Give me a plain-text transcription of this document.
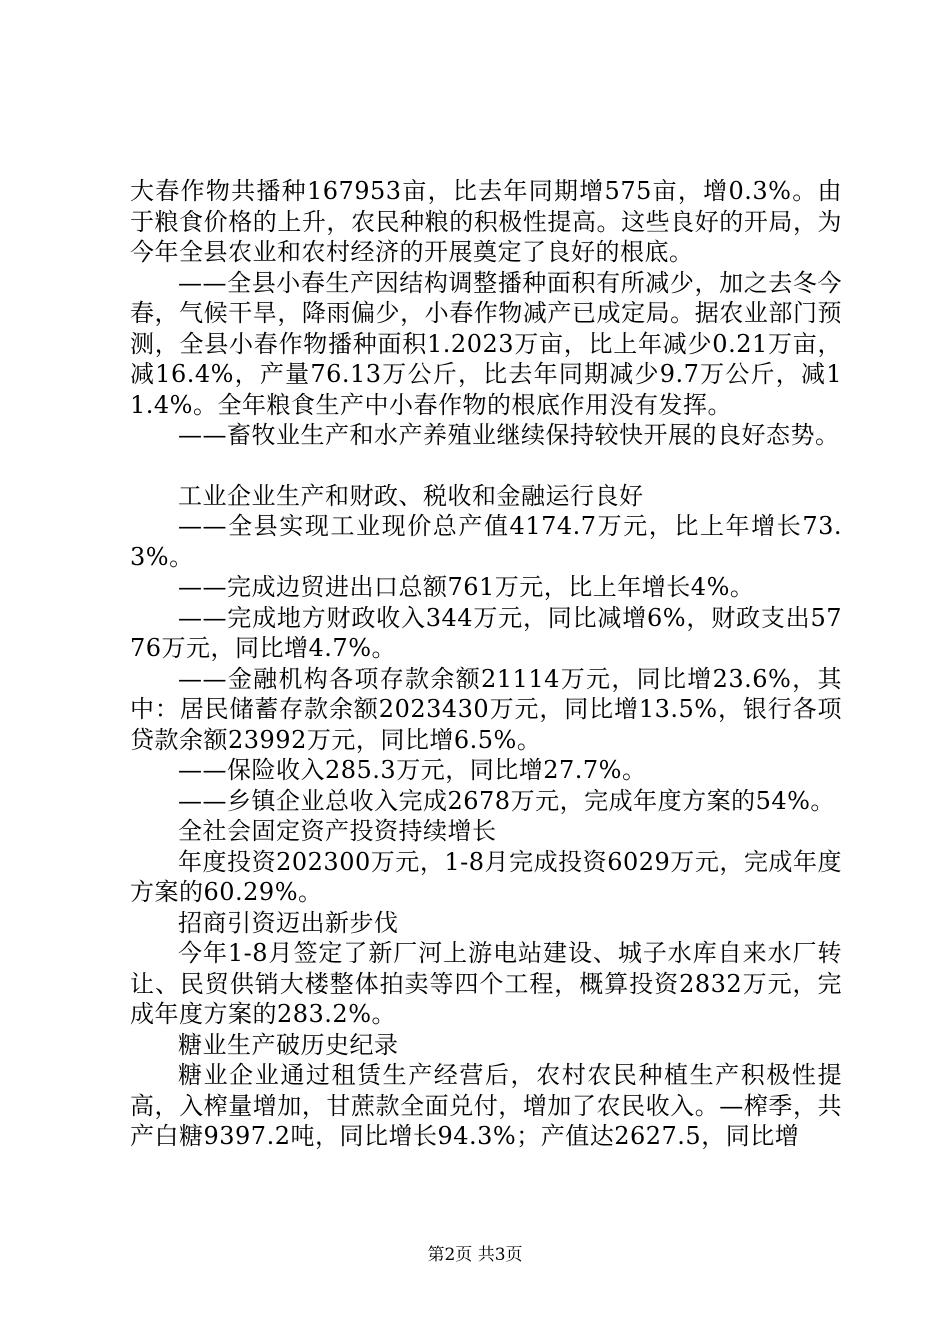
大春作物共播种167953亩，比去年同期增575亩，增0.3%。由于粮食价格的上升，农民种粮的积极性提高。这些良好的开局，为今年全县农业和农村经济的开展奠定了良好的根底。

——全县小春生产因结构调整播种面积有所减少，加之去冬今春，气候干旱，降雨偏少，小春作物减产已成定局。据农业部门预测，全县小春作物播种面积1.2023万亩，比上年减少0.21万亩，减16.4%，产量76.13万公斤，比去年同期减少9.7万公斤，减11.4%。全年粮食生产中小春作物的根底作用没有发挥。

——畜牧业生产和水产养殖业继续保持较快开展的良好态势。

工业企业生产和财政、税收和金融运行良好

——全县实现工业现价总产值4174.7万元，比上年增长73.3%。

——完成边贸进出口总额761万元，比上年增长4%。

——完成地方财政收入344万元，同比减增6%，财政支出5776万元，同比增4.7%。

——金融机构各项存款余额21114万元，同比增23.6%，其中：居民储蓄存款余额2023430万元，同比增13.5%，银行各项贷款余额23992万元，同比增6.5%。

——保险收入285.3万元，同比增27.7%。

——乡镇企业总收入完成2678万元，完成年度方案的54%。

全社会固定资产投资持续增长

年度投资202300万元，1-8月完成投资6029万元，完成年度方案的60.29%。

招商引资迈出新步伐

今年1-8月签定了新厂河上游电站建设、城子水库自来水厂转让、民贸供销大楼整体拍卖等四个工程，概算投资2832万元，完成年度方案的283.2%。

糖业生产破历史纪录

糖业企业通过租赁生产经营后，农村农民种植生产积极性提高，入榨量增加，甘蔗款全面兑付，增加了农民收入。—榨季，共产白糖9397.2吨，同比增长94.3%；产值达2627.5，同比增

第2页 共3页
